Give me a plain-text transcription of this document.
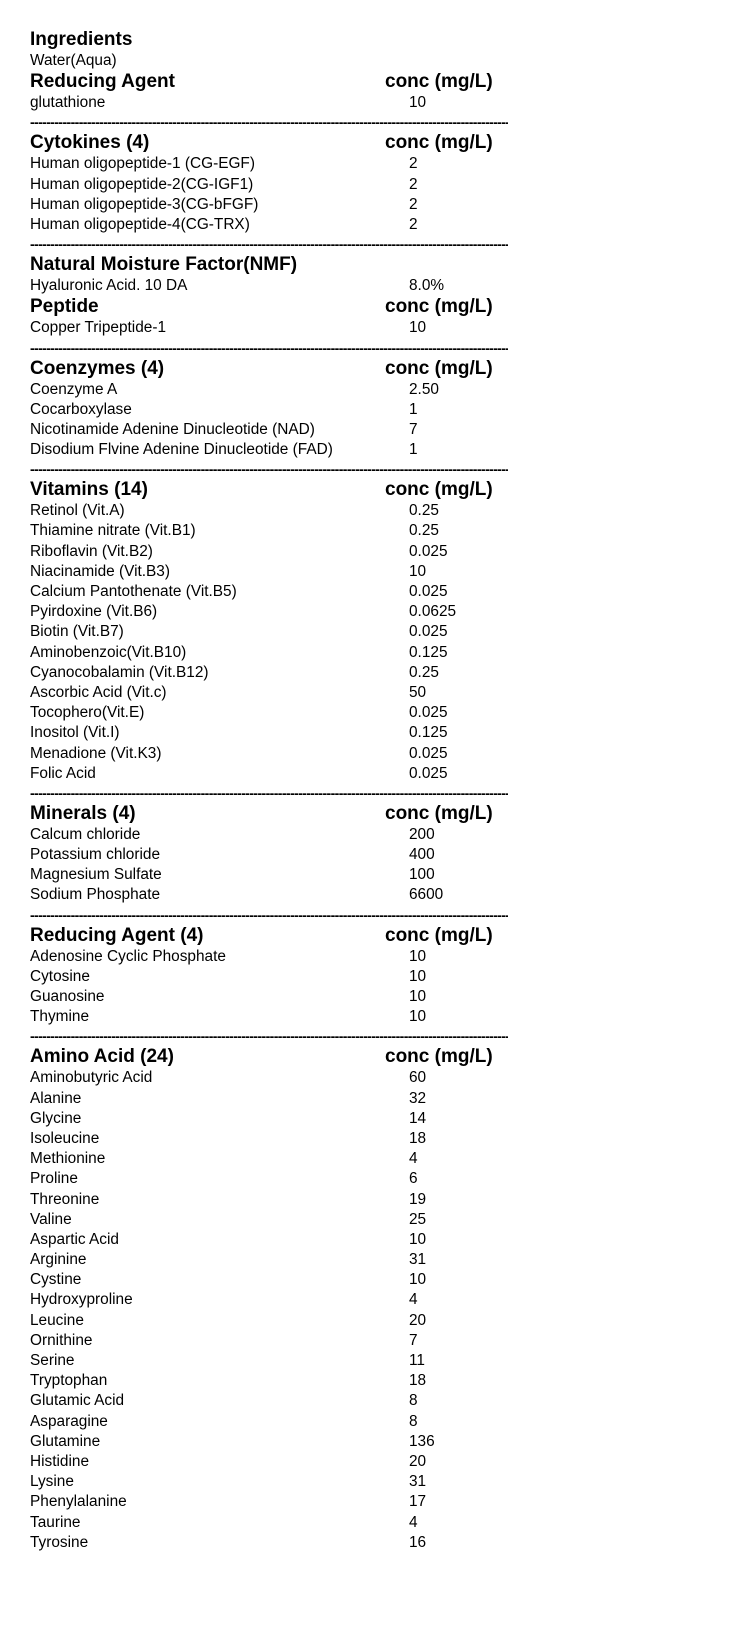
Ingredients
Water(Aqua)
Reducing Agent	conc (mg/L)
glutathione	10
-----
Cytokines (4)	conc (mg/L)
Human oligopeptide-1 (CG-EGF)	2
Human oligopeptide-2(CG-IGF1)	2
Human oligopeptide-3(CG-bFGF)	2
Human oligopeptide-4(CG-TRX)	2
-----
Natural Moisture Factor(NMF)
Hyaluronic Acid. 10 DA	8.0%
Peptide	conc (mg/L)
Copper Tripeptide-1	10
-----
Coenzymes (4)	conc (mg/L)
Coenzyme A	2.50
Cocarboxylase	1
Nicotinamide Adenine Dinucleotide (NAD)	7
Disodium Flvine Adenine Dinucleotide (FAD)	1
-----
Vitamins (14)	conc (mg/L)
Retinol (Vit.A)	0.25
Thiamine nitrate (Vit.B1)	0.25
Riboflavin (Vit.B2)	0.025
Niacinamide (Vit.B3)	10
Calcium Pantothenate (Vit.B5)	0.025
Pyirdoxine (Vit.B6)	0.0625
Biotin (Vit.B7)	0.025
Aminobenzoic(Vit.B10)	0.125
Cyanocobalamin (Vit.B12)	0.25
Ascorbic Acid (Vit.c)	50
Tocophero(Vit.E)	0.025
Inositol (Vit.I)	0.125
Menadione (Vit.K3)	0.025
Folic Acid	0.025
-----
Minerals (4)	conc (mg/L)
Calcum chloride	200
Potassium chloride	400
Magnesium Sulfate	100
Sodium Phosphate	6600
-----
Reducing Agent (4)	conc (mg/L)
Adenosine Cyclic Phosphate	10
Cytosine	10
Guanosine	10
Thymine	10
-----
Amino Acid (24)	conc (mg/L)
Aminobutyric Acid	60
Alanine	32
Glycine	14
Isoleucine	18
Methionine	4
Proline	6
Threonine	19
Valine	25
Aspartic Acid	10
Arginine	31
Cystine	10
Hydroxyproline	4
Leucine	20
Ornithine	7
Serine	11
Tryptophan	18
Glutamic Acid	8
Asparagine	8
Glutamine	136
Histidine	20
Lysine	31
Phenylalanine	17
Taurine	4
Tyrosine	16
